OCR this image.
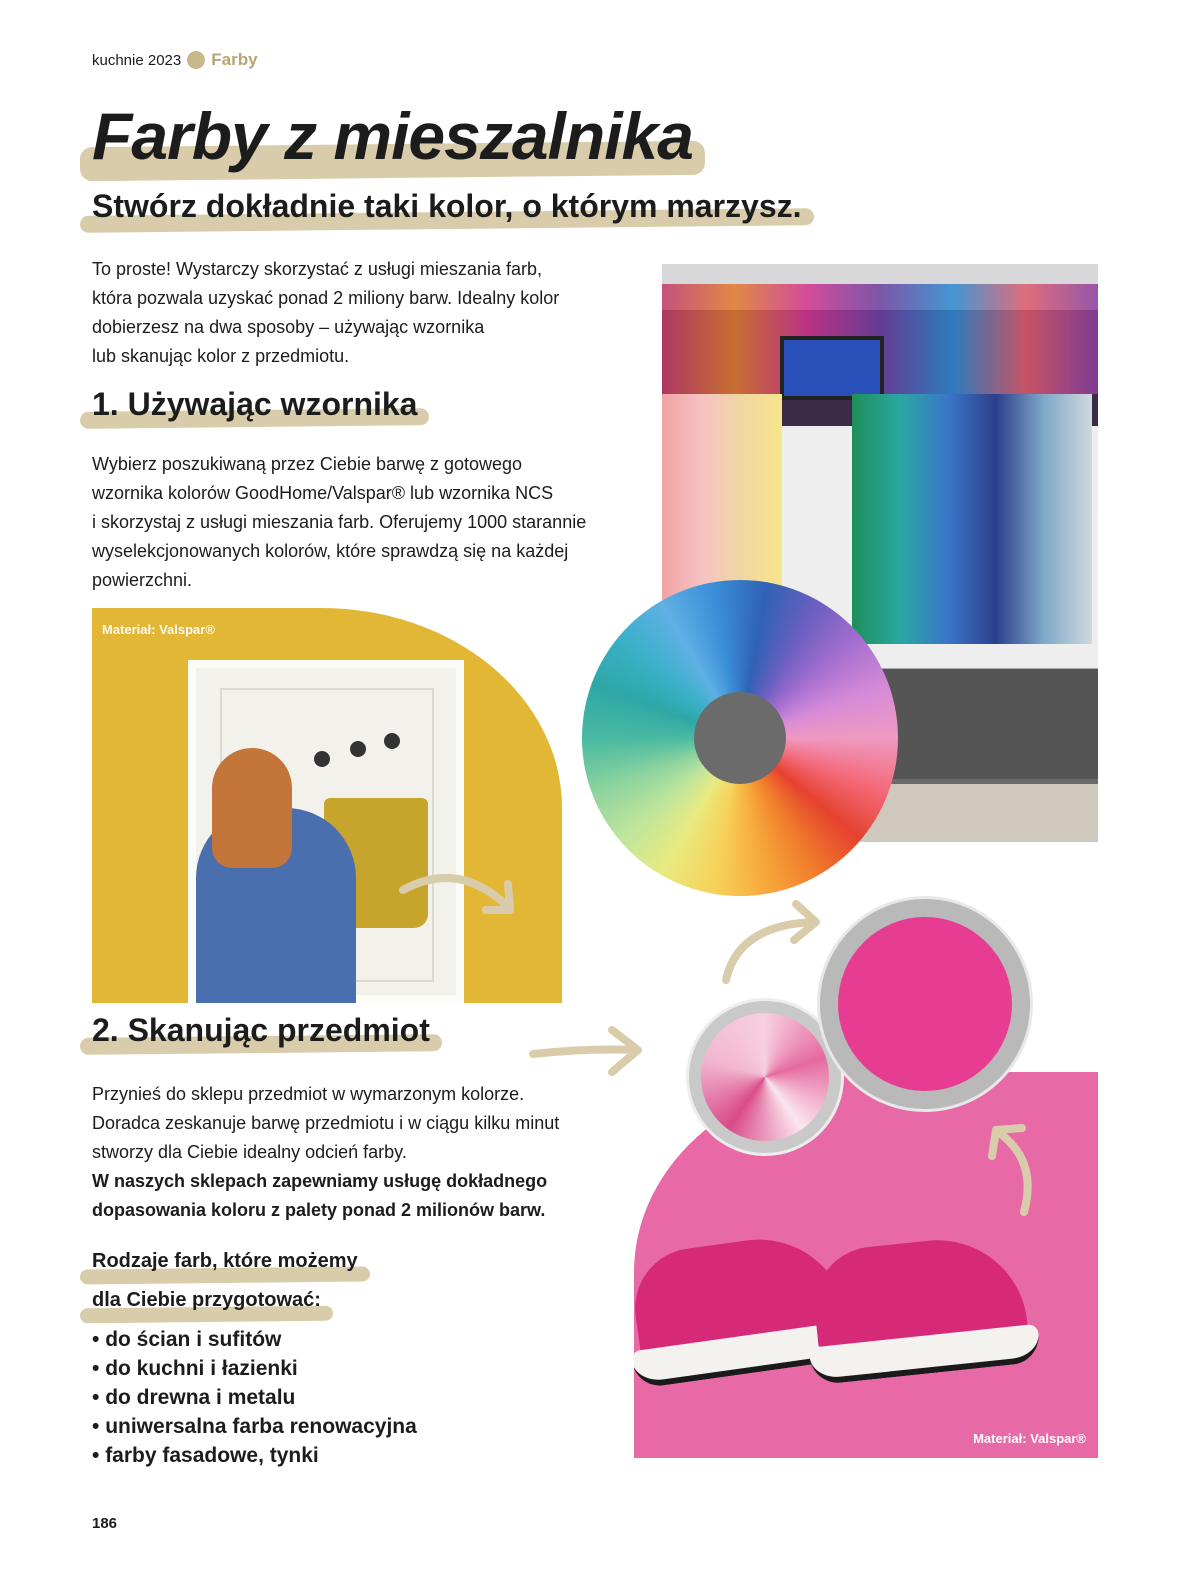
kuchnie 2023 Farby
Farby z mieszalnika
Stwórz dokładnie taki kolor, o którym marzysz.
To proste! Wystarczy skorzystać z usługi mieszania farb,
która pozwala uzyskać ponad 2 miliony barw. Idealny kolor
dobierzesz na dwa sposoby – używając wzornika
lub skanując kolor z przedmiotu.
1. Używając wzornika
Wybierz poszukiwaną przez Ciebie barwę z gotowego
wzornika kolorów GoodHome/Valspar® lub wzornika NCS
i skorzystaj z usługi mieszania farb. Oferujemy 1000 starannie
wyselekcjonowanych kolorów, które sprawdzą się na każdej
powierzchni.
Materiał: Valspar®
2. Skanując przedmiot
Przynieś do sklepu przedmiot w wymarzonym kolorze.
Doradca zeskanuje barwę przedmiotu i w ciągu kilku minut
stworzy dla Ciebie idealny odcień farby.
W naszych sklepach zapewniamy usługę dokładnego
dopasowania koloru z palety ponad 2 milionów barw.
Materiał: Valspar®
Rodzaje farb, które możemy
dla Ciebie przygotować:
• do ścian i sufitów
• do kuchni i łazienki
• do drewna i metalu
• uniwersalna farba renowacyjna
• farby fasadowe, tynki
186
